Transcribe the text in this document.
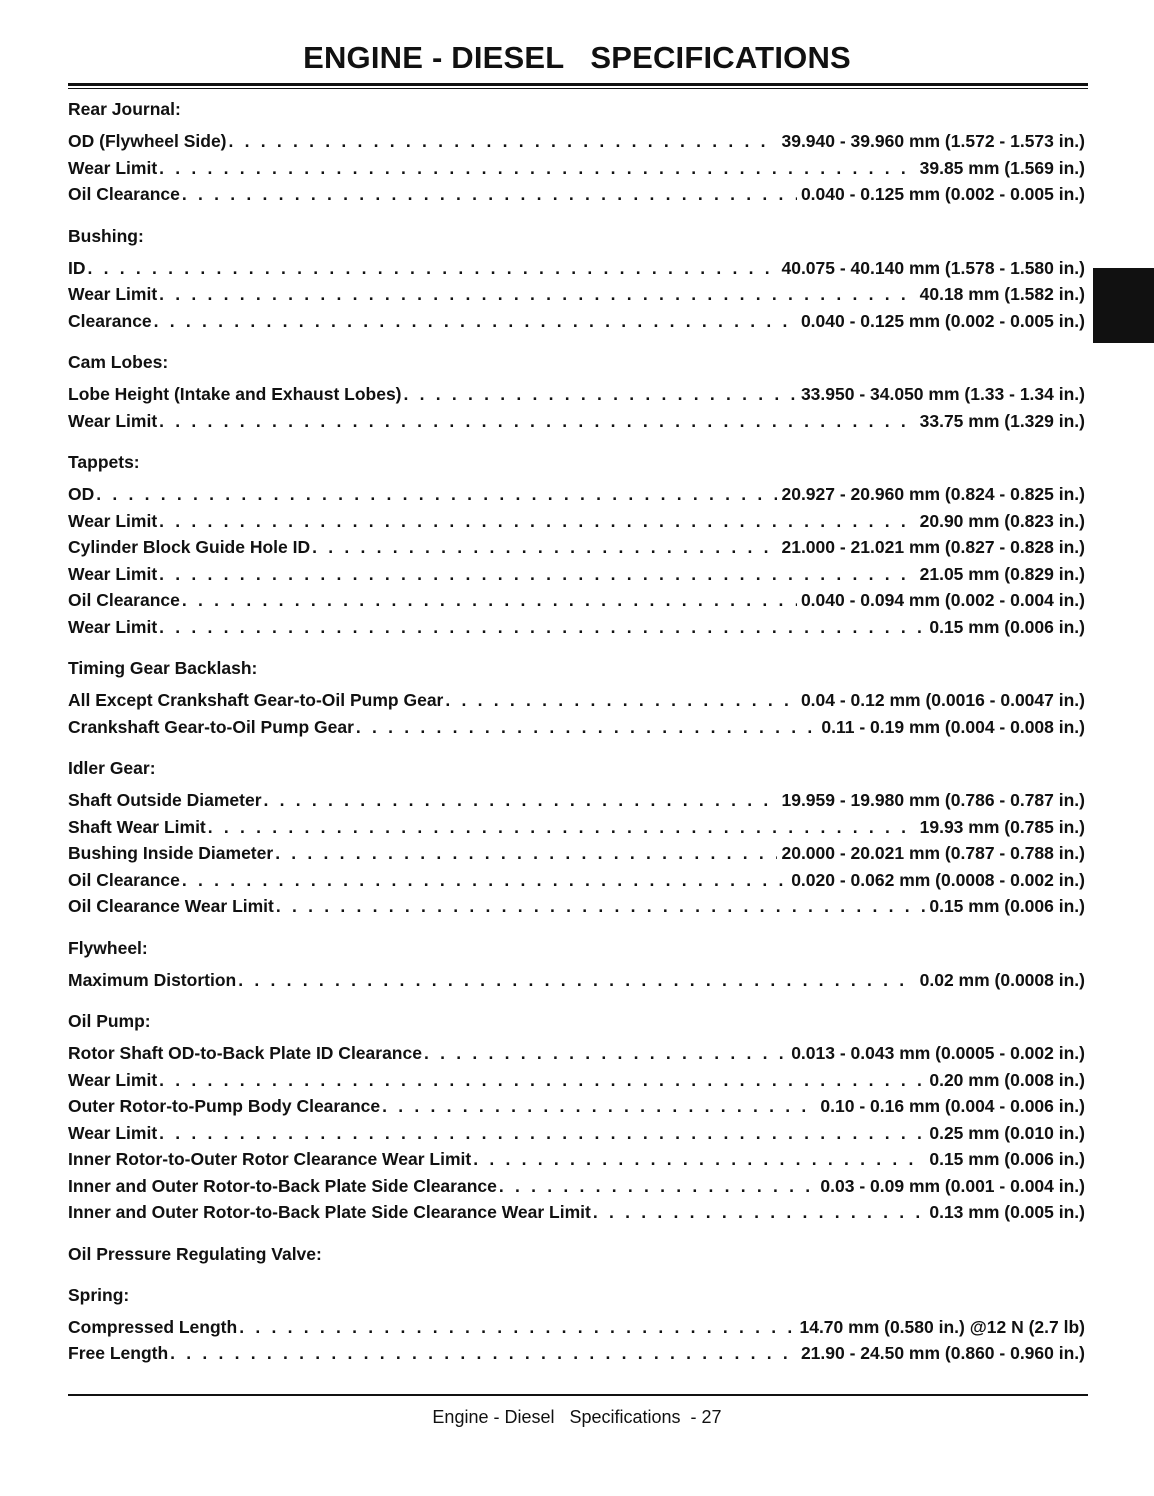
ENGINE - DIESEL   SPECIFICATIONS
Rear Journal:
OD (Flywheel Side) . . .	39.940 - 39.960 mm (1.572 - 1.573 in.)
Wear Limit . . .	39.85 mm (1.569 in.)
Oil Clearance . . .	0.040 - 0.125 mm (0.002 - 0.005 in.)
Bushing:
ID . . .	40.075 - 40.140 mm (1.578 - 1.580 in.)
Wear Limit . . .	40.18 mm (1.582 in.)
Clearance . . .	0.040 - 0.125 mm (0.002 - 0.005 in.)
Cam Lobes:
Lobe Height (Intake and Exhaust Lobes) . . .	33.950 - 34.050 mm (1.33 - 1.34 in.)
Wear Limit . . .	33.75 mm (1.329 in.)
Tappets:
OD . . .	20.927 - 20.960 mm (0.824 - 0.825 in.)
Wear Limit . . .	20.90 mm (0.823 in.)
Cylinder Block Guide Hole ID . . .	21.000 - 21.021 mm (0.827 - 0.828 in.)
Wear Limit . . .	21.05 mm (0.829 in.)
Oil Clearance . . .	0.040 - 0.094 mm (0.002 - 0.004 in.)
Wear Limit . . .	0.15 mm (0.006 in.)
Timing Gear Backlash:
All Except Crankshaft Gear-to-Oil Pump Gear . . .	0.04 - 0.12 mm (0.0016 - 0.0047 in.)
Crankshaft Gear-to-Oil Pump Gear . . .	0.11 - 0.19 mm (0.004 - 0.008 in.)
Idler Gear:
Shaft Outside Diameter . . .	19.959 - 19.980 mm (0.786 - 0.787 in.)
Shaft Wear Limit . . .	19.93 mm (0.785 in.)
Bushing Inside Diameter . . .	20.000 - 20.021 mm (0.787 - 0.788 in.)
Oil Clearance . . .	0.020 - 0.062 mm (0.0008 - 0.002 in.)
Oil Clearance Wear Limit . . .	0.15 mm (0.006 in.)
Flywheel:
Maximum Distortion . . .	0.02 mm (0.0008 in.)
Oil Pump:
Rotor Shaft OD-to-Back Plate ID Clearance . . .	0.013 - 0.043 mm (0.0005 - 0.002 in.)
Wear Limit . . .	0.20 mm (0.008 in.)
Outer Rotor-to-Pump Body Clearance . . .	0.10 - 0.16 mm (0.004 - 0.006 in.)
Wear Limit . . .	0.25 mm (0.010 in.)
Inner Rotor-to-Outer Rotor Clearance Wear Limit . . .	0.15 mm (0.006 in.)
Inner and Outer Rotor-to-Back Plate Side Clearance . . .	0.03 - 0.09 mm (0.001 - 0.004 in.)
Inner and Outer Rotor-to-Back Plate Side Clearance Wear Limit . . .	0.13 mm (0.005 in.)
Oil Pressure Regulating Valve:
Spring:
Compressed Length . . .	14.70 mm (0.580 in.) @12 N (2.7 lb)
Free Length . . .	21.90 - 24.50 mm (0.860 - 0.960 in.)
Engine - Diesel   Specifications  - 27
